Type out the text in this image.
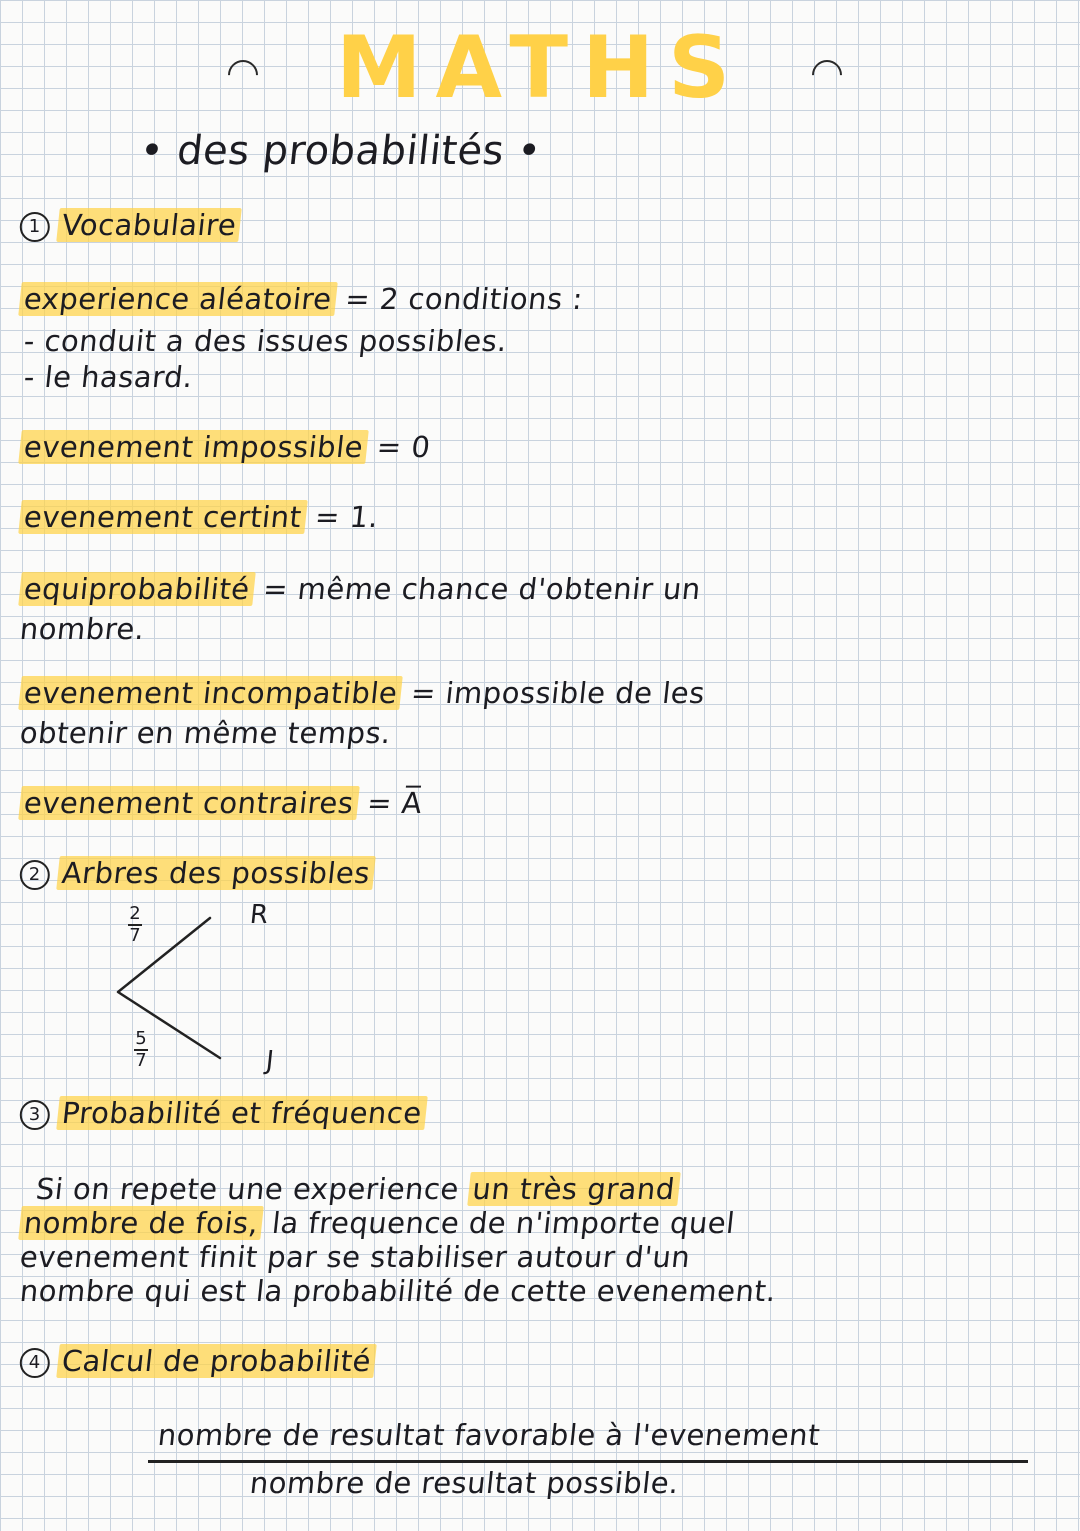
MATHS
• des probabilités •
1 Vocabulaire
experience aléatoire = 2 conditions :
- conduit a des issues possibles.
- le hasard.
evenement impossible = 0
evenement certint = 1.
equiprobabilité = même chance d'obtenir un
nombre.
evenement incompatible = impossible de les
obtenir en même temps.
evenement contraires = A̅
2 Arbres des possibles
2
7
R
5
7	J
3 Probabilité et fréquence
Si on repete une experience un très grand
nombre de fois, la frequence de n'importe quel
evenement finit par se stabiliser autour d'un
nombre qui est la probabilité de cette evenement.
4 Calcul de probabilité
nombre de resultat favorable à l'evenement
nombre de resultat possible.
